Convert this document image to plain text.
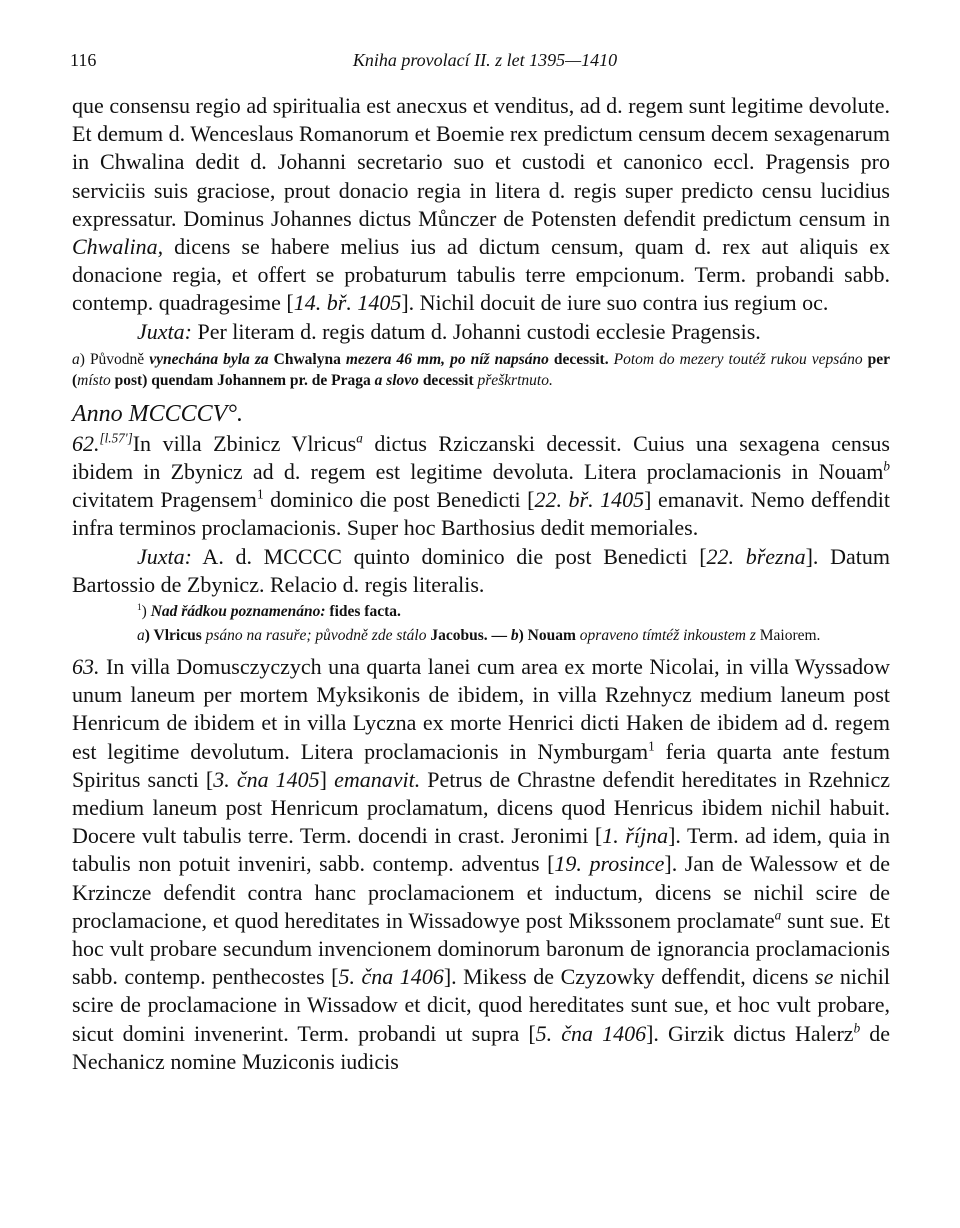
116	Kniha provolací II. z let 1395—1410

que consensu regio ad spiritualia est anecxus et venditus, ad d. regem sunt legitime devolute. Et demum d. Wenceslaus Romanorum et Boemie rex predictum censum decem sexagenarum in Chwalina dedit d. Johanni secretario suo et custodi et canonico eccl. Pragensis pro serviciis suis graciose, prout donacio regia in litera d. regis super predicto censu lucidius expressatur. Dominus Johannes dictus Můnczer de Potensten defendit predictum censum in Chwalina, dicens se habere melius ius ad dictum censum, quam d. rex aut aliquis ex donacione regia, et offert se probaturum tabulis terre empcionum. Term. probandi sabb. contemp. quadragesime [14. bř. 1405]. Nichil docuit de iure suo contra ius regium oc.

Juxta: Per literam d. regis datum d. Johanni custodi ecclesie Pragensis.

a) Původně vynechána byla za Chwalyna mezera 46 mm, po níž napsáno decessit. Potom do mezery toutéž rukou vepsáno per (místo post) quendam Johannem pr. de Praga a slovo decessit přeškrtnuto.

Anno MCCCCV°.

62.[l.57']In villa Zbinicz Vlricus$^a$ dictus Rziczanski decessit. Cuius una sexagena census ibidem in Zbynicz ad d. regem est legitime devoluta. Litera proclamacionis in Nouam$^b$ civitatem Pragensem$^1$ dominico die post Benedicti [22. bř. 1405] emanavit. Nemo deffendit infra terminos proclamacionis. Super hoc Barthosius dedit memoriales.

Juxta: A. d. MCCCC quinto dominico die post Benedicti [22. března]. Datum Bartossio de Zbynicz. Relacio d. regis literalis.

$^1$) Nad řádkou poznamenáno: fides facta.

a) Vlricus psáno na rasuře; původně zde stálo Jacobus. — b) Nouam opraveno tímtéž inkoustem z Maiorem.

63. In villa Domusczyczych una quarta lanei cum area ex morte Nicolai, in villa Wyssadow unum laneum per mortem Myksikonis de ibidem, in villa Rzehnycz medium laneum post Henricum de ibidem et in villa Lyczna ex morte Henrici dicti Haken de ibidem ad d. regem est legitime devolutum. Litera proclamacionis in Nymburgam$^1$ feria quarta ante festum Spiritus sancti [3. čna 1405] emanavit. Petrus de Chrastne defendit hereditates in Rzehnicz medium laneum post Henricum proclamatum, dicens quod Henricus ibidem nichil habuit. Docere vult tabulis terre. Term. docendi in crast. Jeronimi [1. října]. Term. ad idem, quia in tabulis non potuit inveniri, sabb. contemp. adventus [19. prosince]. Jan de Walessow et de Krzincze defendit contra hanc proclamacionem et inductum, dicens se nichil scire de proclamacione, et quod hereditates in Wissadowye post Mikssonem proclamate$^a$ sunt sue. Et hoc vult probare secundum invencionem dominorum baronum de ignorancia proclamacionis sabb. contemp. penthecostes [5. čna 1406]. Mikess de Czyzowky deffendit, dicens se nichil scire de proclamacione in Wissadow et dicit, quod hereditates sunt sue, et hoc vult probare, sicut domini invenerint. Term. probandi ut supra [5. čna 1406]. Girzik dictus Halerz$^b$ de Nechanicz nomine Muziconis iudicis
